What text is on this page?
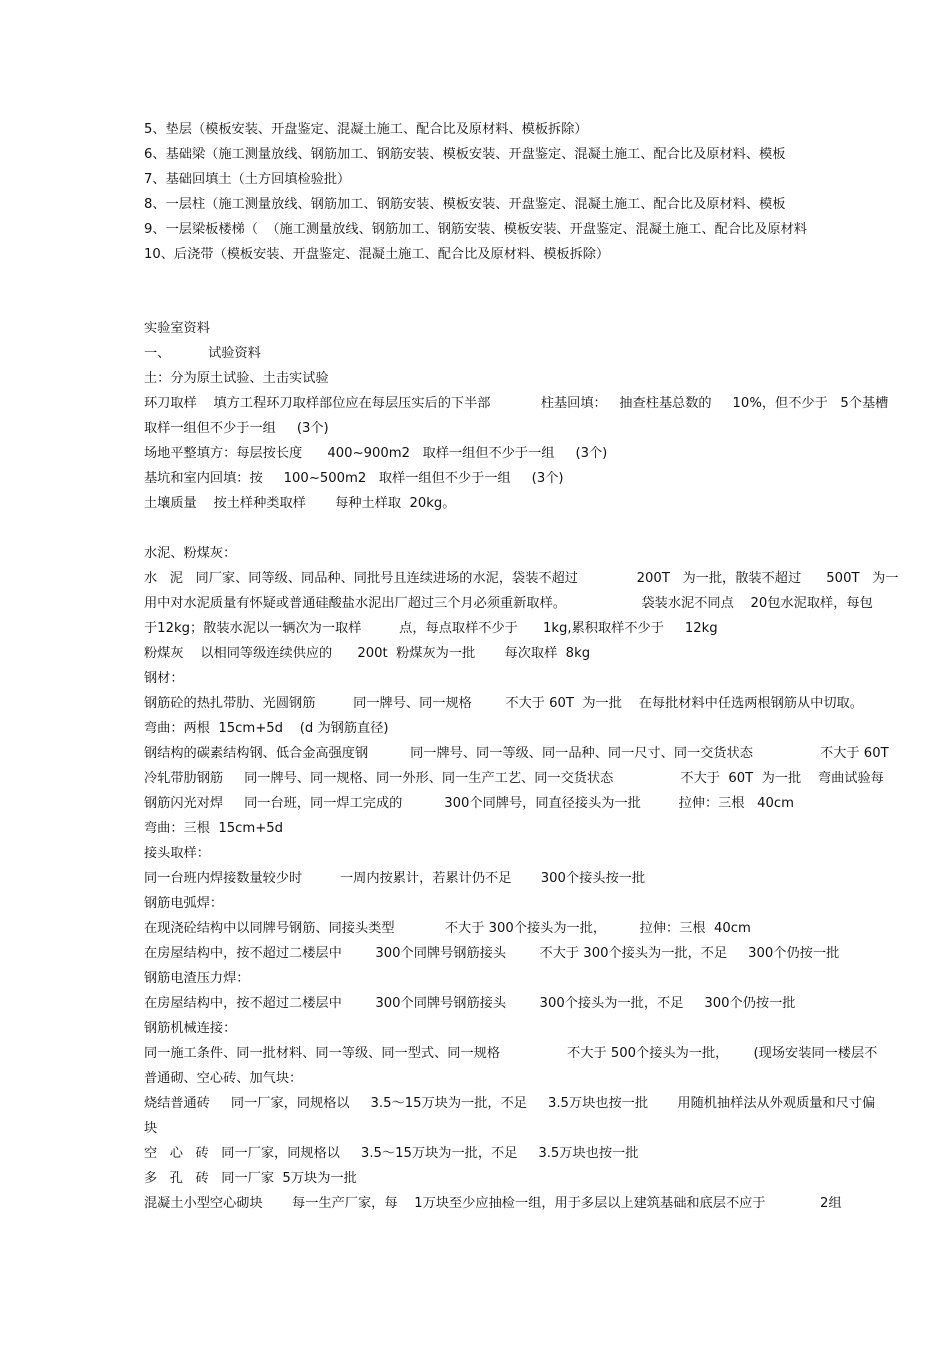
5、垫层（模板安装、开盘鉴定、混凝土施工、配合比及原材料、模板拆除）
6、基础梁（施工测量放线、钢筋加工、钢筋安装、模板安装、开盘鉴定、混凝土施工、配合比及原材料、模板
7、基础回填土（土方回填检验批）
8、一层柱（施工测量放线、钢筋加工、钢筋安装、模板安装、开盘鉴定、混凝土施工、配合比及原材料、模板
9、一层梁板楼梯（  （施工测量放线、钢筋加工、钢筋安装、模板安装、开盘鉴定、混凝土施工、配合比及原材料
10、后浇带（模板安装、开盘鉴定、混凝土施工、配合比及原材料、模板拆除）
实验室资料
一、         试验资料
土：分为原土试验、土击实试验
环刀取样    填方工程环刀取样部位应在每层压实后的下半部            柱基回填：   抽查柱基总数的     10%，但不少于   5个基槽
取样一组但不少于一组     (3个)
场地平整填方：每层按长度      400~900m2   取样一组但不少于一组     (3个)
基坑和室内回填：按     100~500m2   取样一组但不少于一组     (3个)
土壤质量    按土样种类取样       每种土样取  20kg。
水泥、粉煤灰：
水   泥   同厂家、同等级、同品种、同批号且连续进场的水泥，袋装不超过              200T   为一批，散装不超过      500T   为一
用中对水泥质量有怀疑或普通硅酸盐水泥出厂超过三个月必须重新取样。                  袋装水泥不同点    20包水泥取样，每包
于12kg；散装水泥以一辆次为一取样         点，每点取样不少于      1kg,累积取样不少于     12kg
粉煤灰    以相同等级连续供应的      200t  粉煤灰为一批       每次取样  8kg
钢材：
钢筋砼的热扎带肋、光圆钢筋         同一牌号、同一规格        不大于 60T  为一批    在每批材料中任选两根钢筋从中切取。
弯曲：两根  15cm+5d    (d 为钢筋直径)
钢结构的碳素结构钢、低合金高强度钢          同一牌号、同一等级、同一品种、同一尺寸、同一交货状态                不大于 60T
冷轧带肋钢筋     同一牌号、同一规格、同一外形、同一生产工艺、同一交货状态                不大于  60T  为一批    弯曲试验每
钢筋闪光对焊     同一台班，同一焊工完成的          300个同牌号，同直径接头为一批         拉伸：三根   40cm
弯曲：三根  15cm+5d
接头取样：
同一台班内焊接数量较少时         一周内按累计，若累计仍不足       300个接头按一批
钢筋电弧焊：
在现浇砼结构中以同牌号钢筋、同接头类型            不大于 300个接头为一批，        拉伸：三根  40cm
在房屋结构中，按不超过二楼层中        300个同牌号钢筋接头        不大于 300个接头为一批，不足     300个仍按一批
钢筋电渣压力焊：
在房屋结构中，按不超过二楼层中        300个同牌号钢筋接头        300个接头为一批，不足     300个仍按一批
钢筋机械连接：
同一施工条件、同一批材料、同一等级、同一型式、同一规格                不大于 500个接头为一批，      (现场安装同一楼层不
普通砌、空心砖、加气块：
烧结普通砖     同一厂家，同规格以     3.5～15万块为一批，不足     3.5万块也按一批       用随机抽样法从外观质量和尺寸偏
块
空   心   砖   同一厂家，同规格以     3.5～15万块为一批，不足     3.5万块也按一批
多   孔   砖   同一厂家  5万块为一批
混凝土小型空心砌块       每一生产厂家，每    1万块至少应抽检一组，用于多层以上建筑基础和底层不应于             2组
